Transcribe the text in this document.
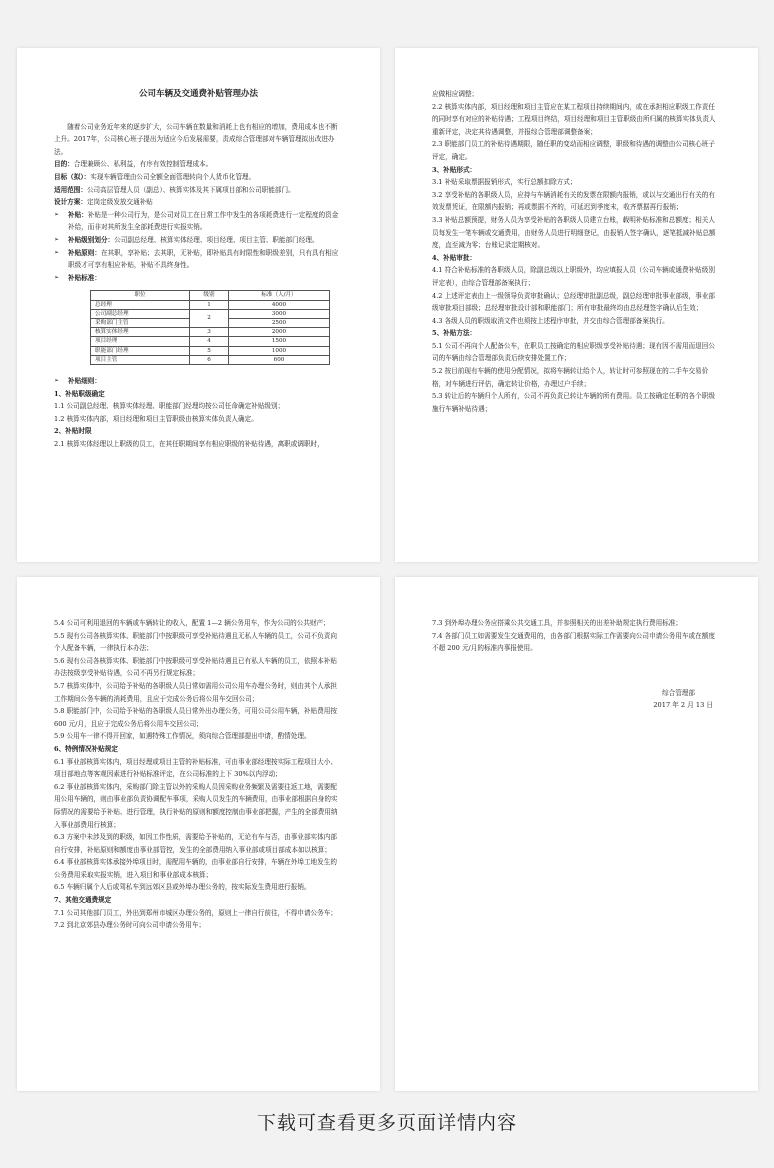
公司车辆及交通费补贴管理办法

随着公司业务近年来的逐步扩大，公司车辆在数量和消耗上也有相应的增加，费用成本也不断上升。2017年，公司核心班子提出为适应今后发展需要，责成综合管理部对车辆管理拟出改进办法。

目的：合理兼顾公、私利益，有序有效控制管理成本。

目标（拟）：实现车辆管理由公司全额全面管理转向个人货币化管理。

适用范围：公司高层管理人员（副总）、核算实体及其下属项目部和公司职能部门。

设计方案：定岗定级发放交通补贴

➢ 补贴：补贴是一种公司行为，是公司对员工在日常工作中发生的各项耗费进行一定程度的资金补给，而非对其所发生全部耗费进行实报实销。

➢ 补贴级别划分：公司副总经理、核算实体经理、项目经理、项目主管、职能部门经理。

➢ 补贴原则：在其职，享补贴；去其职，无补贴，即补贴具有时限性和职级差别，只有具有相应职级才可享有相应补贴，补贴不具终身性。

➢ 补贴标准：

职位	级别	标准（人/月）
总经理	1	4000
公司副总经理	2	3000
采购部门主管		2500
核算实体经理	3	2000
项目经理	4	1500
职能部门经理	5	1000
项目主管	6	600

➢ 补贴细则：

1、补贴职级确定

1.1 公司副总经理、核算实体经理、职能部门经理均按公司任命确定补贴级别；

1.2 核算实体内部，项目经理和项目主管职级由核算实体负责人确定。

2、补贴时限

2.1 核算实体经理以上职级的员工，在其任职期间享有相应职级的补贴待遇，离职或调职时，

应做相应调整；

2.2 核算实体内部，项目经理和项目主管应在某工程项目持续期间内，或在承担相应职级工作责任的同时享有对应的补贴待遇；工程项目终结，项目经理和项目主管职级由所归属的核算实体负责人重新评定，决定其待遇调整，并报综合管理部调整备案；

2.3 职能部门员工的补贴待遇期限，随任职的变动而相应调整，职级和待遇的调整由公司核心班子评定，确定。

3、补贴形式：

3.1 补贴采取票据报销形式，实行总额扣除方式；

3.2 享受补贴的各职级人员，应持与车辆消耗有关的发票在限额内报销，或以与交通出行有关的有效发票凭证，在限额内报销；再或票据不齐的，可延迟到季度末，收齐票据再行报销；

3.3 补贴总额预提，财务人员为享受补贴的各职级人员建立台账，载明补贴标准和总额度；相关人员每发生一笔车辆或交通费用，由财务人员进行明细登记，由报销人签字确认，逐笔抵减补贴总额度，直至减为零；台账记录定期核对。

4、补贴审批：

4.1 符合补贴标准的各职级人员，除副总级以上职级外，均应填报人员（公司车辆或通费补贴级别评定表），由综合管理部备案执行；

4.2 上述评定表由上一级领导负责审批确认；总经理审批副总级，副总经理审批事业部级，事业部级审批项目部级；总经理审批设计部和职能部门；所有审批最终均由总经理签字确认后生效；

4.3 各级人员的职级取消文件也须按上述程序审批，并交由综合管理部备案执行。

5、补贴方法：

5.1 公司不再向个人配备公车，在职员工按确定的相应职级享受补贴待遇；现有因不需用而退回公司的车辆由综合管理部负责后续安排处置工作；

5.2 按目前现有车辆的使用分配情况，拟将车辆转让给个人，转让时可参照现在的二手车交易价格，对车辆进行评估，确定转让价格，办理过户手续；

5.3 转让后的车辆归个人所有，公司不再负责已转让车辆的所有费用。员工按确定任职的各个职级施行车辆补贴待遇；

5.4 公司可利用退回的车辆或车辆转让的收入，配置 1—2 辆公务用车，作为公司的公共财产；

5.5 现有公司各核算实体、职能部门中按职级可享受补贴待遇且无私人车辆的员工，公司不负责向个人配备车辆，一律执行本办法；

5.6 现有公司各核算实体、职能部门中按职级可享受补贴待遇且已有私人车辆的员工，依照本补贴办法按级享受补贴待遇，公司不再另行规定标准；

5.7 核算实体中，公司给予补贴的各职级人员日常如需用公司公用车办理公务时，则由其个人承担工作期间公务车辆的消耗费用，且应于完成公务后将公用车交回公司；

5.8 职能部门中，公司给予补贴的各职级人员日常外出办理公务，可用公司公用车辆，补贴费用按 600 元/月，且应于完成公务后将公用车交回公司；

5.9 公用车一律不得开回家，如遇特殊工作情况，须向综合管理部提出申请，酌情处理。

6、特例情况补贴规定

6.1 事业部核算实体内，项目经理或项目主管的补贴标准，可由事业部经理按实际工程项目大小、项目部地点等客观因素进行补贴标准评定，在公司标准的上下 30%以内浮动；

6.2 事业部核算实体内，采购部门除主管以外的采购人员因采购业务频繁及需要往返工地，需要配用公用车辆的，则由事业部负责协调配车事项，采购人员发生的车辆费用，由事业部根据自身的实际情况的需要给予补贴、进行管理，执行补贴的原则和额度控制由事业部把握，产生的全部费用纳入事业部费用行核算；

6.3 方案中未涉及到的职级，如因工作性质，需要给予补贴的，无论有车与否，由事业部实体内部自行安排，补贴原则和额度由事业部管控，发生的全部费用纳入事业部或项目部成本如以核算；

6.4 事业部核算实体承接外埠项目时，需配用车辆的，由事业部自行安排，车辆在外埠工地发生的公务费用采取实报实销，进入项目和事业部成本核算；

6.5 车辆归属个人后或驾私车到远郊区县或外埠办理公务的，按实际发生费用进行报销。

7、其他交通费规定

7.1 公司其他部门员工，外出到郑州市城区办理公务的，原则上一律自行前往，不得申请公务车；

7.2 到北京郊县办理公务时可向公司申请公务用车；

7.3 到外埠办理公务应搭乘公共交通工具，并参照相关的出差补助规定执行费用标准；

7.4 各部门员工如需要发生交通费用的，由各部门根据实际工作需要向公司申请公务用车或在额度不超 200 元/月的标准内事报使用。

综合管理部

2017 年 2 月 13 日

下载可查看更多页面详情内容
